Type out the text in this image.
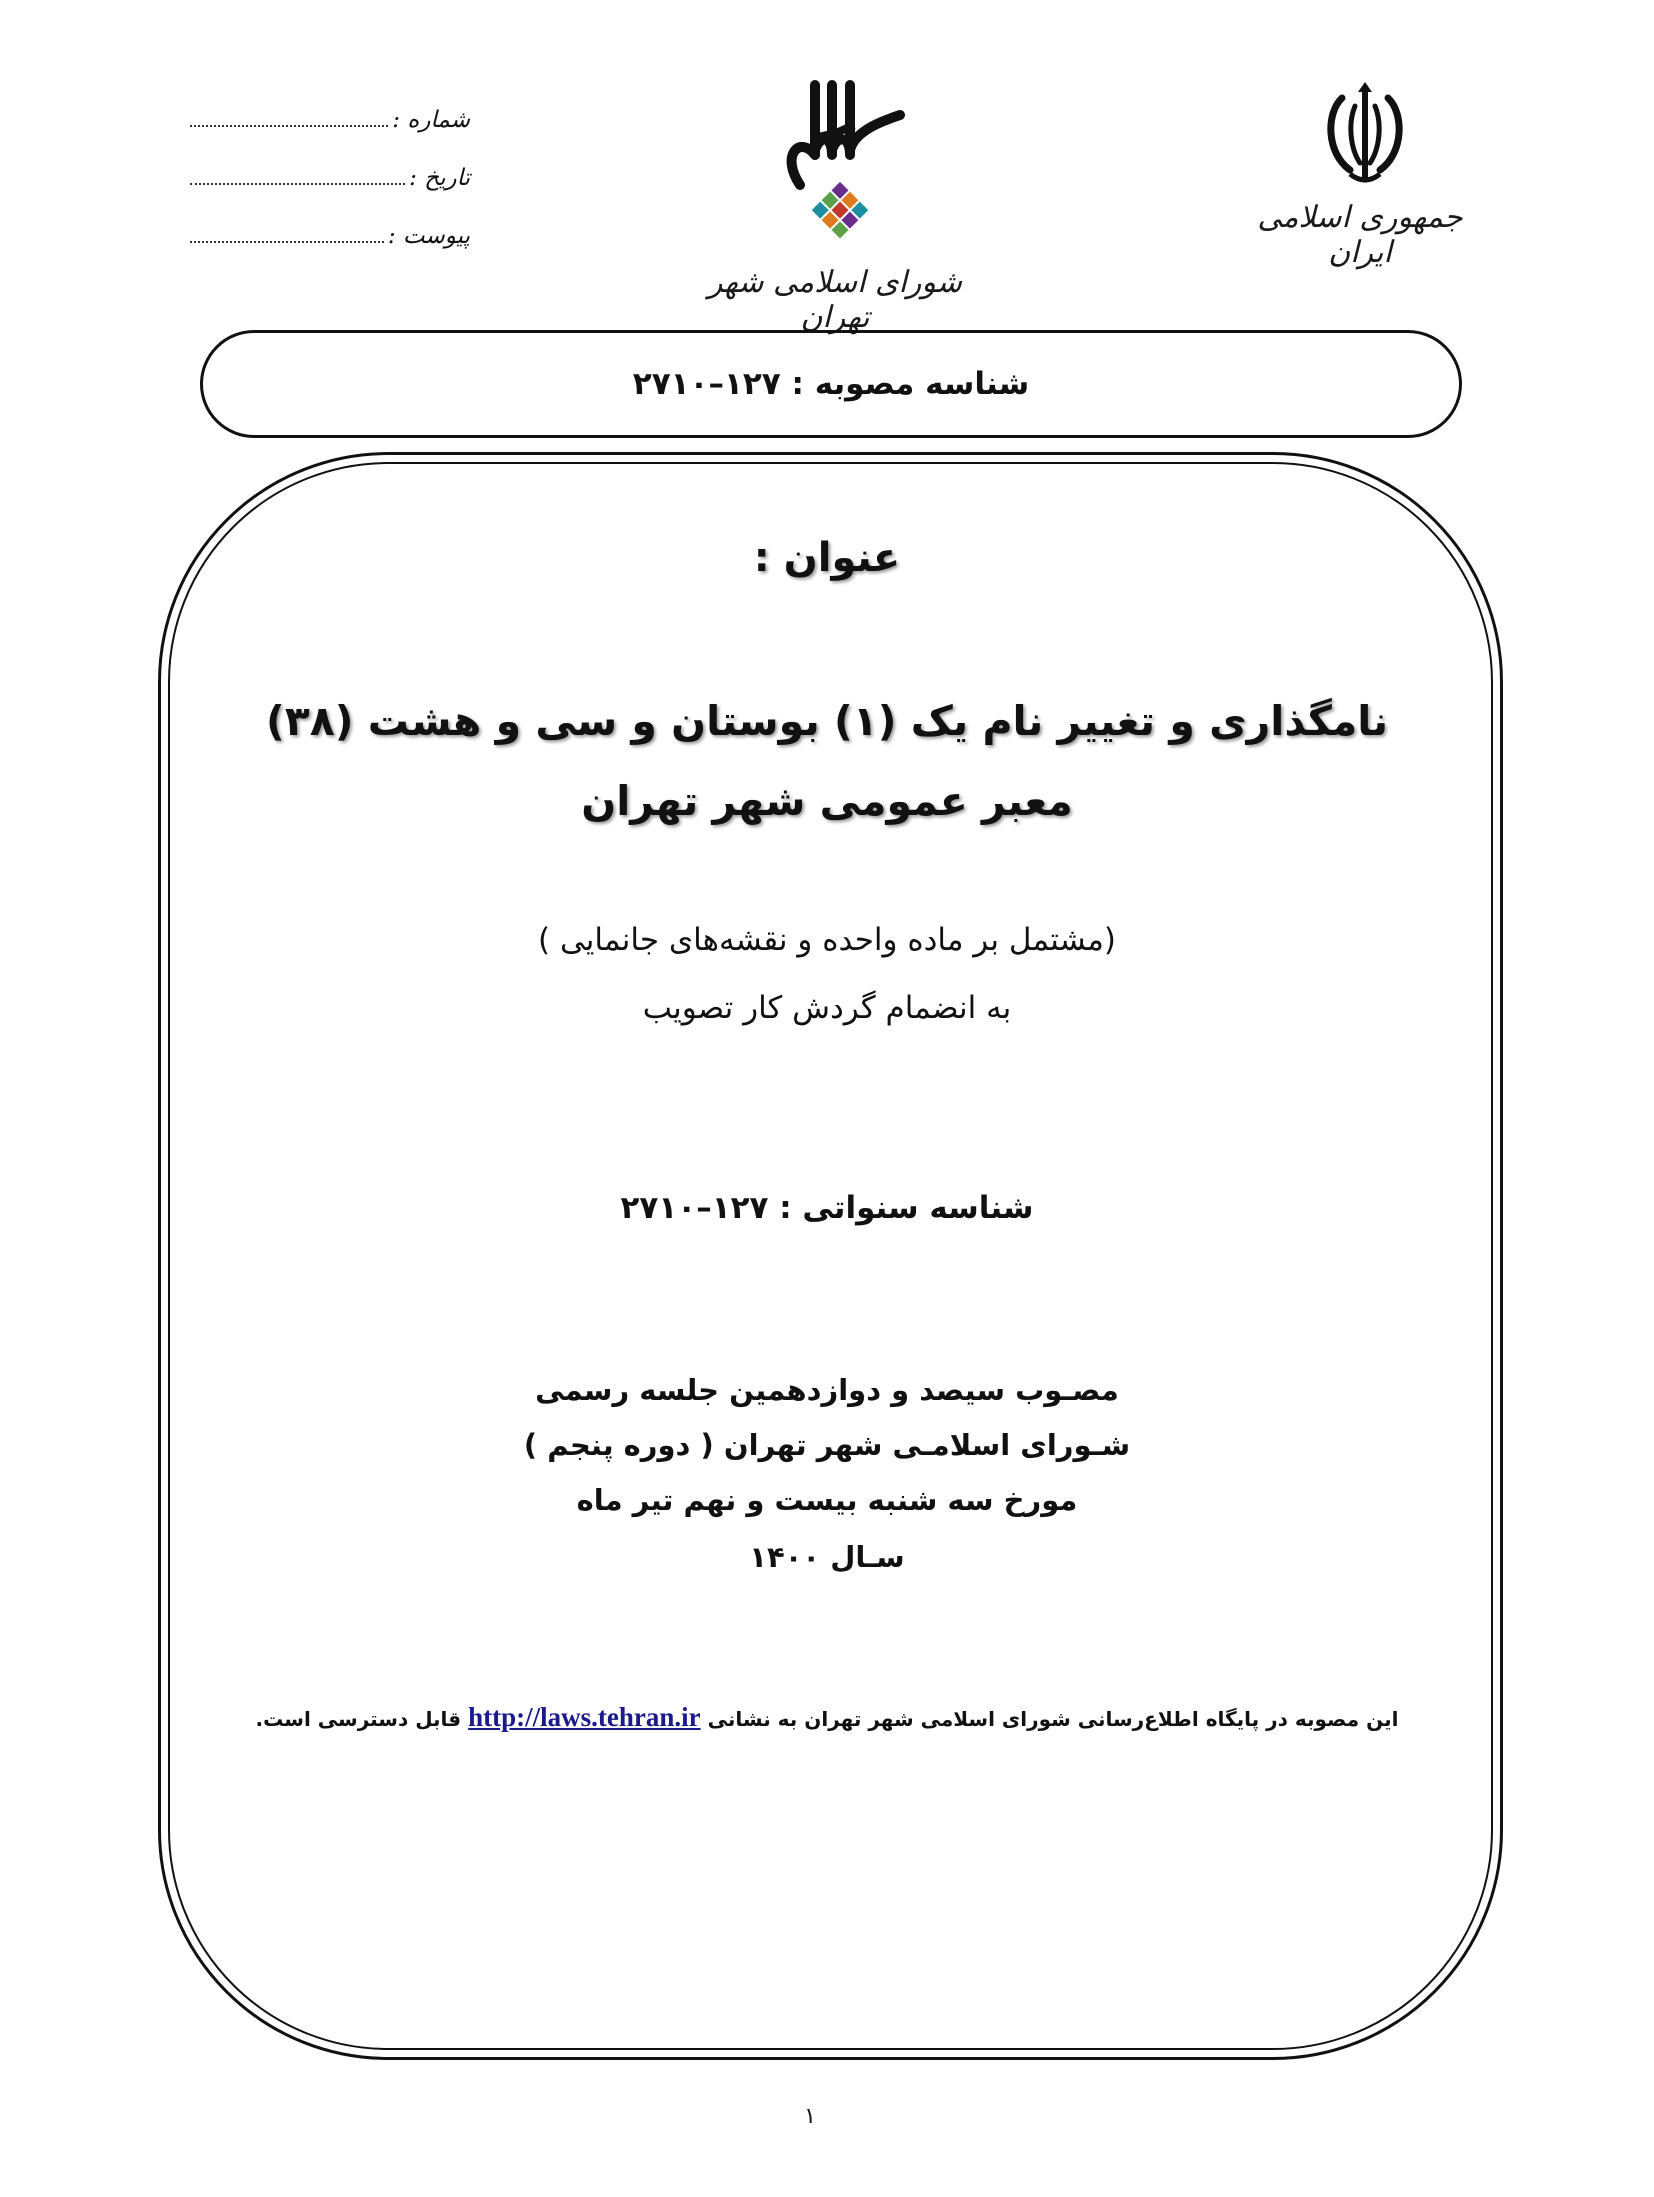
جمهوری اسلامی ایران
شورای اسلامی شهر تهران
شماره :
تاریخ :
پیوست :
شناسه مصوبه : ۱۲۷–۲۷۱۰
عنوان :
نامگذاری و تغییر نام یک (۱) بوستان و سی و هشت (۳۸)
معبر عمومی شهر تهران
(مشتمل بر ماده واحده و نقشه‌های جانمایی )
به انضمام گردش کار تصویب
شناسه سنواتی : ۱۲۷–۲۷۱۰
مصـوب سیصد و دوازدهمین جلسه رسمی
شـورای اسلامـی شهر تهران ( دوره پنجم )
مورخ سه شنبه بیست و نهم تیر ماه
سـال ۱۴۰۰
این مصوبه در پایگاه اطلاع‌رسانی شورای اسلامی شهر تهران به نشانی http://laws.tehran.ir قابل دسترسی است.
۱
